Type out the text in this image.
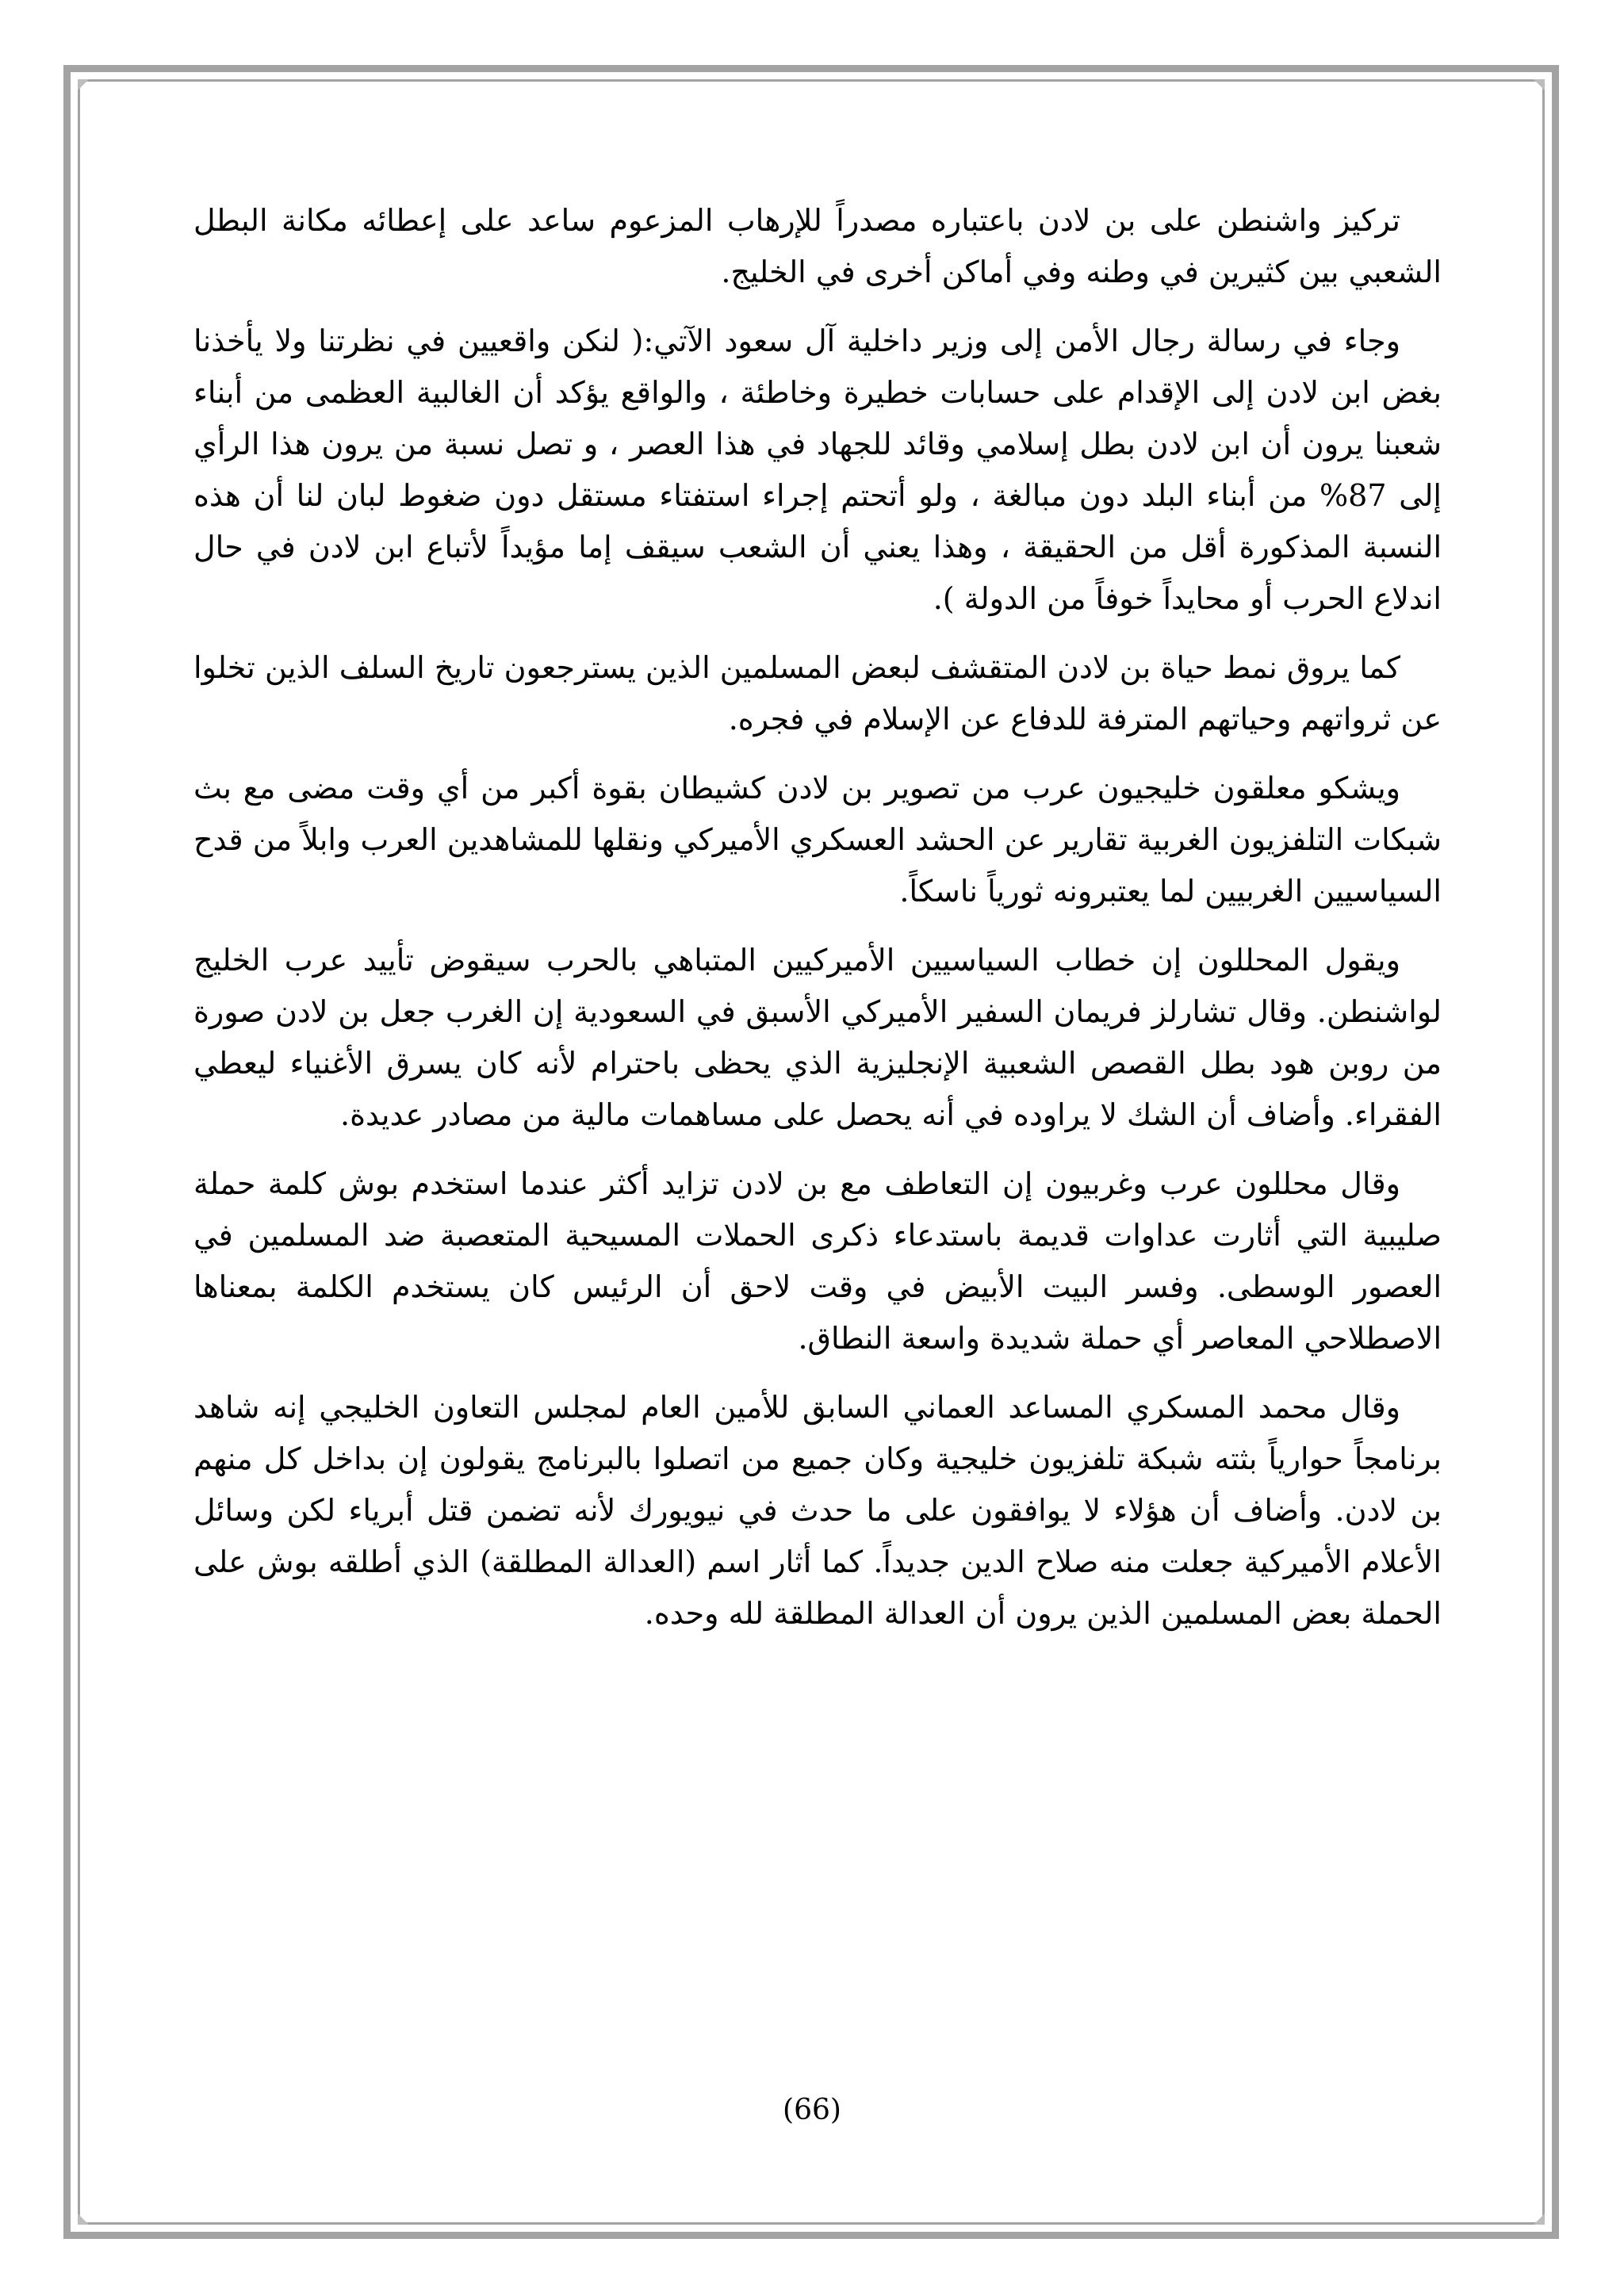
تركيز واشنطن على بن لادن باعتباره مصدراً للإرهاب المزعوم ساعد على إعطائه مكانة البطل الشعبي بين كثيرين في وطنه وفي أماكن أخرى في الخليج.

وجاء في رسالة رجال الأمن إلى وزير داخلية آل سعود الآتي:( لنكن واقعيين في نظرتنا ولا يأخذنا بغض ابن لادن إلى الإقدام على حسابات خطيرة وخاطئة ، والواقع يؤكد أن الغالبية العظمى من أبناء شعبنا يرون أن ابن لادن بطل إسلامي وقائد للجهاد في هذا العصر ، و تصل نسبة من يرون هذا الرأي إلى 87% من أبناء البلد دون مبالغة ، ولو أتحتم إجراء استفتاء مستقل دون ضغوط لبان لنا أن هذه النسبة المذكورة أقل من الحقيقة ، وهذا يعني أن الشعب سيقف إما مؤيداً لأتباع ابن لادن في حال اندلاع الحرب أو محايداً خوفاً من الدولة ).

كما يروق نمط حياة بن لادن المتقشف لبعض المسلمين الذين يسترجعون تاريخ السلف الذين تخلوا عن ثرواتهم وحياتهم المترفة للدفاع عن الإسلام في فجره.

ويشكو معلقون خليجيون عرب من تصوير بن لادن كشيطان بقوة أكبر من أي وقت مضى مع بث شبكات التلفزيون الغربية تقارير عن الحشد العسكري الأميركي ونقلها للمشاهدين العرب وابلاً من قدح السياسيين الغربيين لما يعتبرونه ثورياً ناسكاً.

ويقول المحللون إن خطاب السياسيين الأميركيين المتباهي بالحرب سيقوض تأييد عرب الخليج لواشنطن. وقال تشارلز فريمان السفير الأميركي الأسبق في السعودية إن الغرب جعل بن لادن صورة من روبن هود بطل القصص الشعبية الإنجليزية الذي يحظى باحترام لأنه كان يسرق الأغنياء ليعطي الفقراء. وأضاف أن الشك لا يراوده في أنه يحصل على مساهمات مالية من مصادر عديدة.

وقال محللون عرب وغربيون إن التعاطف مع بن لادن تزايد أكثر عندما استخدم بوش كلمة حملة صليبية التي أثارت عداوات قديمة باستدعاء ذكرى الحملات المسيحية المتعصبة ضد المسلمين في العصور الوسطى. وفسر البيت الأبيض في وقت لاحق أن الرئيس كان يستخدم الكلمة بمعناها الاصطلاحي المعاصر أي حملة شديدة واسعة النطاق.

وقال محمد المسكري المساعد العماني السابق للأمين العام لمجلس التعاون الخليجي إنه شاهد برنامجاً حوارياً بثته شبكة تلفزيون خليجية وكان جميع من اتصلوا بالبرنامج يقولون إن بداخل كل منهم بن لادن. وأضاف أن هؤلاء لا يوافقون على ما حدث في نيويورك لأنه تضمن قتل أبرياء لكن وسائل الأعلام الأميركية جعلت منه صلاح الدين جديداً. كما أثار اسم (العدالة المطلقة) الذي أطلقه بوش على الحملة بعض المسلمين الذين يرون أن العدالة المطلقة لله وحده.

(66)
